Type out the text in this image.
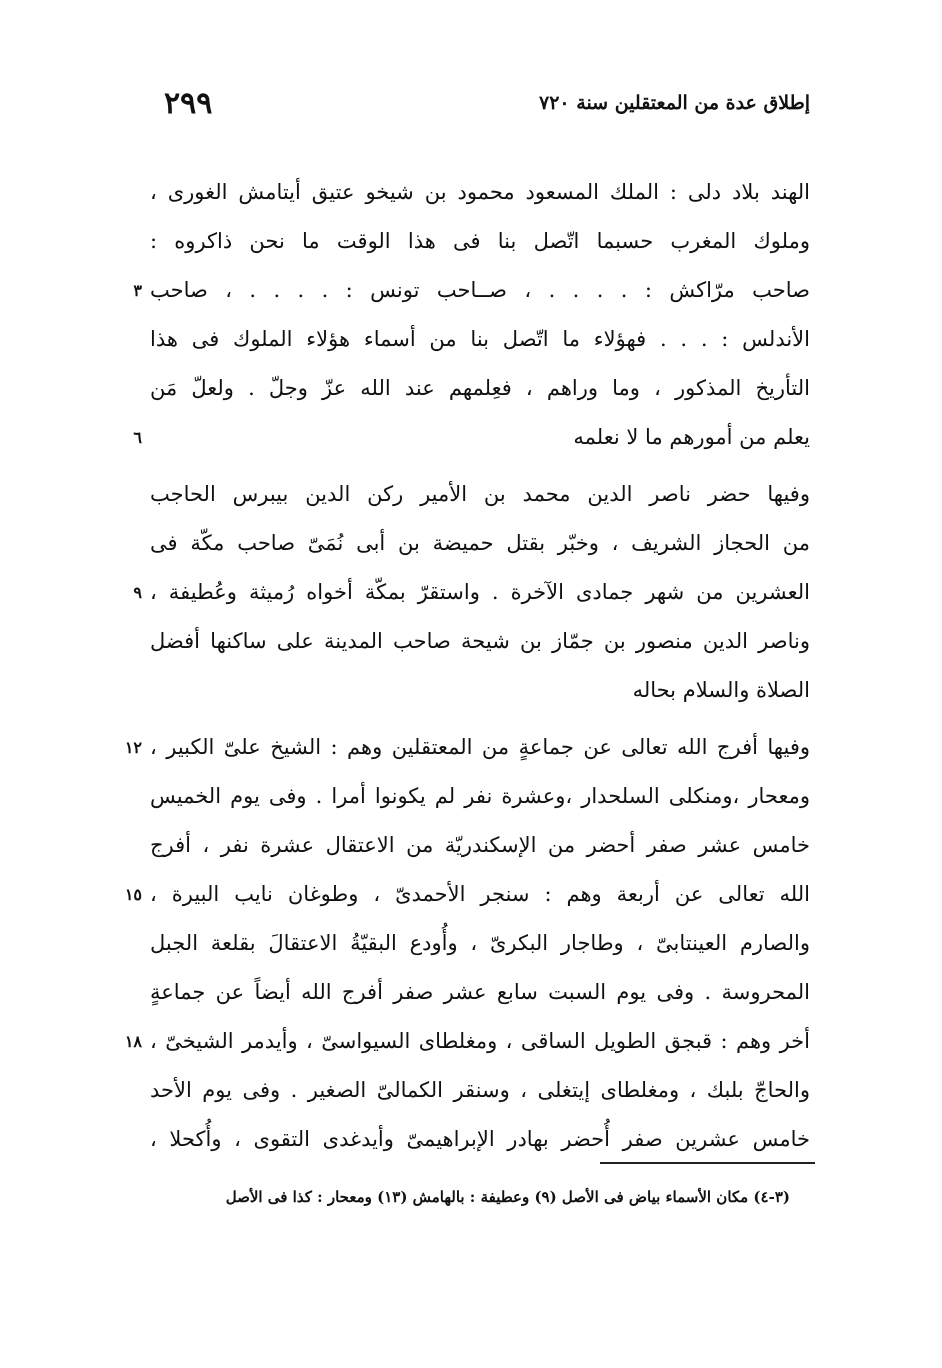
٢٩٩	إطلاق عدة من المعتقلين سنة ٧٢٠
الهند بلاد دلى : الملك المسعود محمود بن شيخو عتيق أيتامش الغورى ،
وملوك المغرب حسبما اتّصل بنا فى هذا الوقت ما نحن ذاكروه :
صاحب مرّاكش : . . . . ، صــاحب تونس : . . . . ، صاحب
٣
الأندلس : . . . فهؤلاء ما اتّصل بنا من أسماء هؤلاء الملوك فى هذا
التأريخ المذكور ، وما وراهم ، فعِلمهم عند الله عزّ وجلّ . ولعلّ مَن
يعلم من أمورهم ما لا نعلمه
٦
وفيها حضر ناصر الدين محمد بن الأمير ركن الدين بيبرس الحاجب
من الحجاز الشريف ، وخبّر بقتل حميضة بن أبى نُمَىّ صاحب مكّة فى
العشرين من شهر جمادى الآخرة . واستقرّ بمكّة أخواه رُميثة وعُطيفة ،
٩
وناصر الدين منصور بن جمّاز بن شيحة صاحب المدينة على ساكنها أفضل
الصلاة والسلام بحاله
وفيها أفرج الله تعالى عن جماعةٍ من المعتقلين وهم : الشيخ علىّ الكبير ،
١٢
ومعحار ،ومنكلى السلحدار ،وعشرة نفر لم يكونوا أمرا . وفى يوم الخميس
خامس عشر صفر أحضر من الإسكندريّة من الاعتقال عشرة نفر ، أفرج
الله تعالى عن أربعة وهم : سنجر الأحمدىّ ، وطوغان نايب البيرة ،
١٥
والصارم العينتابىّ ، وطاجار البكرىّ ، وأُودع البقيّةُ الاعتقالَ بقلعة الجبل
المحروسة . وفى يوم السبت سابع عشر صفر أفرج الله أيضاً عن جماعةٍ
أخر وهم : قبجق الطويل الساقى ، ومغلطاى السيواسىّ ، وأيدمر الشيخىّ ،
١٨
والحاجّ بلبك ، ومغلطاى إيتغلى ، وسنقر الكمالىّ الصغير . وفى يوم الأحد
خامس عشرين صفر أُحضر بهادر الإبراهيمىّ وأيدغدى التقوى ، وأُكحلا ،
(٣-٤) مكان الأسماء بياض فى الأصل (٩) وعطيفة : بالهامش (١٣) ومعحار : كذا فى الأصل
